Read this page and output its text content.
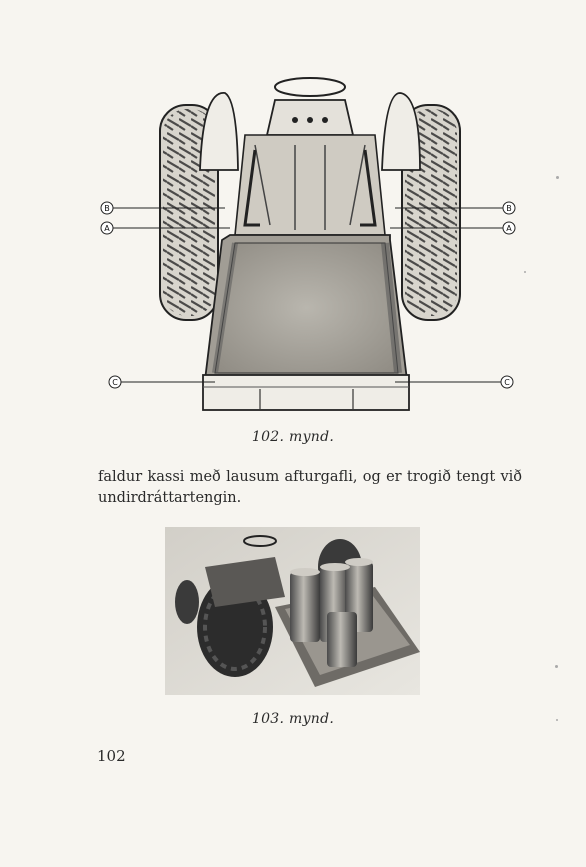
B
A
B
A
C	C
102. mynd.
faldur kassi með lausum afturgafli, og er trogið tengt við
undirdráttartengin.
103. mynd.
102
